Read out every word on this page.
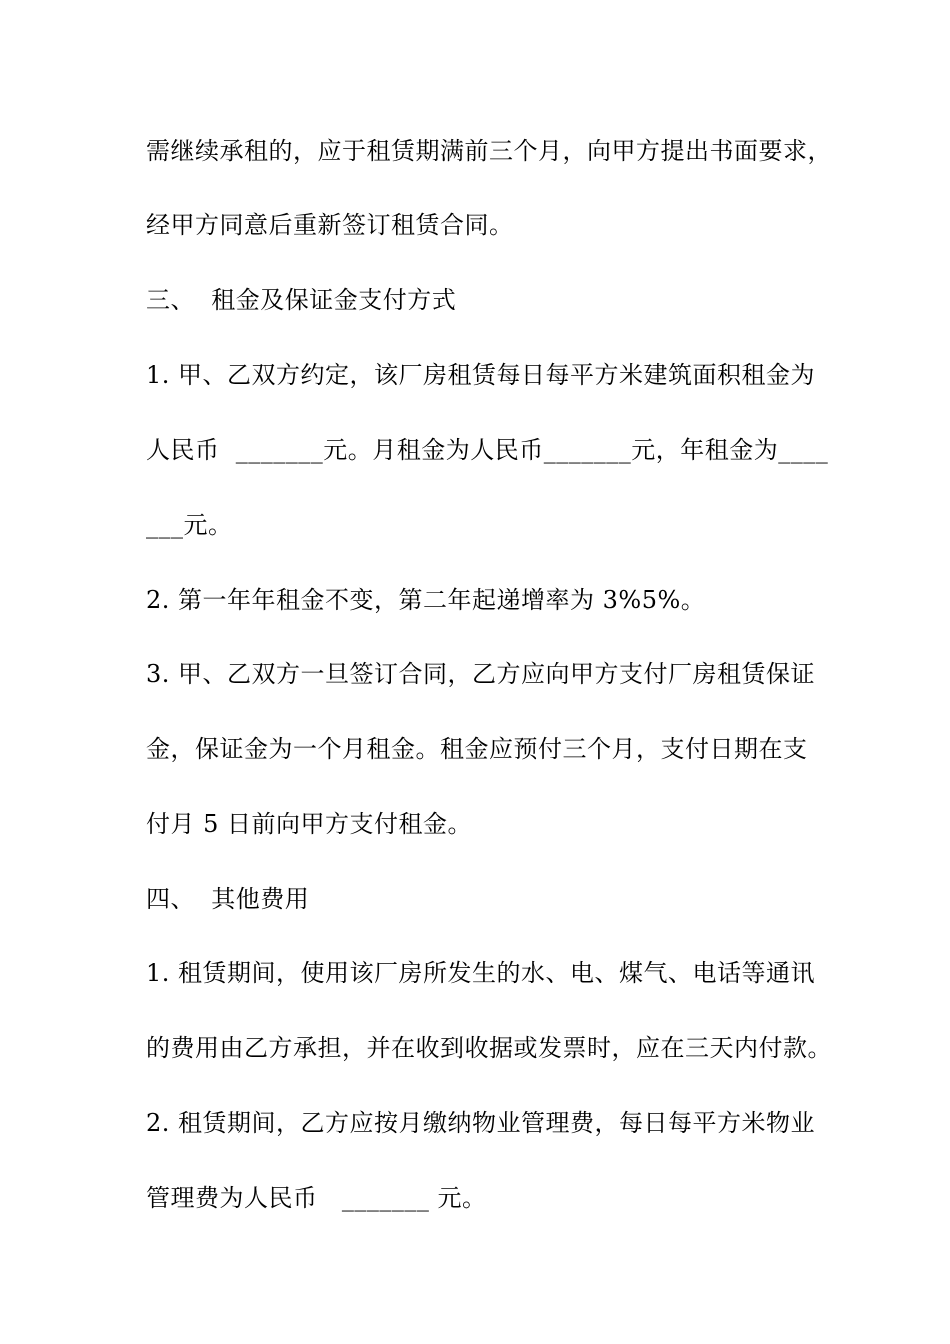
需继续承租的，应于租赁期满前三个月，向甲方提出书面要求，
经甲方同意后重新签订租赁合同。
三、  租金及保证金支付方式
1. 甲、乙双方约定，该厂房租赁每日每平方米建筑面积租金为
人民币  _______元。月租金为人民币_______元，年租金为____
___元。
2. 第一年年租金不变，第二年起递增率为 3%5%。
3. 甲、乙双方一旦签订合同，乙方应向甲方支付厂房租赁保证
金，保证金为一个月租金。租金应预付三个月，支付日期在支
付月 5 日前向甲方支付租金。
四、  其他费用
1. 租赁期间，使用该厂房所发生的水、电、煤气、电话等通讯
的费用由乙方承担，并在收到收据或发票时，应在三天内付款。
2. 租赁期间，乙方应按月缴纳物业管理费，每日每平方米物业
管理费为人民币   _______ 元。
